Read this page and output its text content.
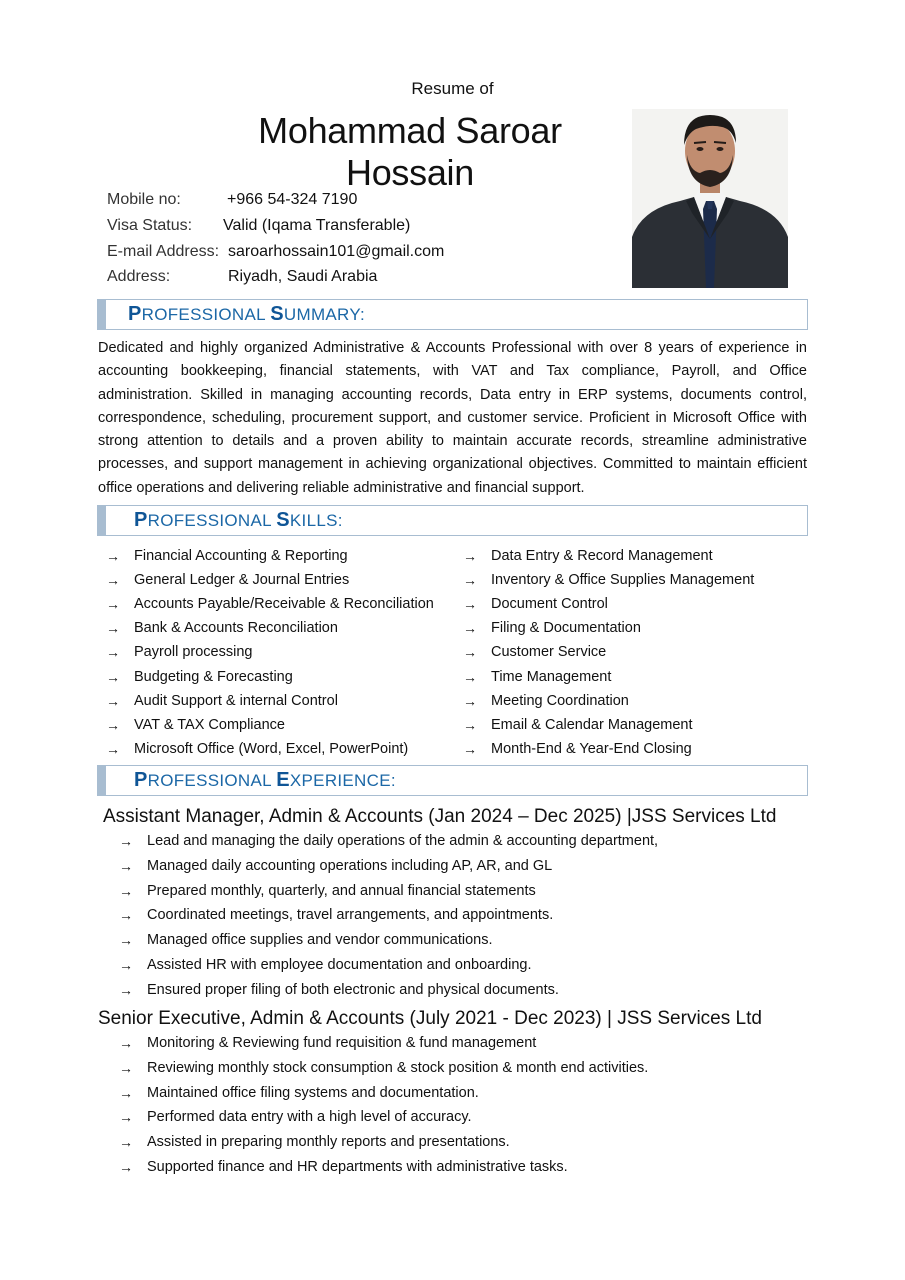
Resume of
Mohammad Saroar Hossain
Mobile no:	+966 54-324 7190
Visa Status: Valid (Iqama Transferable)
E-mail Address: saroarhossain101@gmail.com
Address:	Riyadh, Saudi Arabia
PROFESSIONAL SUMMARY:
Dedicated and highly organized Administrative & Accounts Professional with over 8 years of experience in accounting bookkeeping, financial statements, with VAT and Tax compliance, Payroll, and Office administration. Skilled in managing accounting records, Data entry in ERP systems, documents control, correspondence, scheduling, procurement support, and customer service. Proficient in Microsoft Office with strong attention to details and a proven ability to maintain accurate records, streamline administrative processes, and support management in achieving organizational objectives. Committed to maintain efficient office operations and delivering reliable administrative and financial support.
PROFESSIONAL SKILLS:
→ Financial Accounting & Reporting
→ General Ledger & Journal Entries
→ Accounts Payable/Receivable & Reconciliation
→ Bank & Accounts Reconciliation
→ Payroll processing
→ Budgeting & Forecasting
→ Audit Support & internal Control
→ VAT & TAX Compliance
→ Microsoft Office (Word, Excel, PowerPoint)
→ Data Entry & Record Management
→ Inventory & Office Supplies Management
→ Document Control
→ Filing & Documentation
→ Customer Service
→ Time Management
→ Meeting Coordination
→ Email & Calendar Management
→ Month-End & Year-End Closing
PROFESSIONAL EXPERIENCE:
Assistant Manager, Admin & Accounts (Jan 2024 – Dec 2025) |JSS Services Ltd
→ Lead and managing the daily operations of the admin & accounting department,
→ Managed daily accounting operations including AP, AR, and GL
→ Prepared monthly, quarterly, and annual financial statements
→ Coordinated meetings, travel arrangements, and appointments.
→ Managed office supplies and vendor communications.
→ Assisted HR with employee documentation and onboarding.
→ Ensured proper filing of both electronic and physical documents.
Senior Executive, Admin & Accounts (July 2021 - Dec 2023) | JSS Services Ltd
→ Monitoring & Reviewing fund requisition & fund management
→ Reviewing monthly stock consumption & stock position & month end activities.
→ Maintained office filing systems and documentation.
→ Performed data entry with a high level of accuracy.
→ Assisted in preparing monthly reports and presentations.
→ Supported finance and HR departments with administrative tasks.
